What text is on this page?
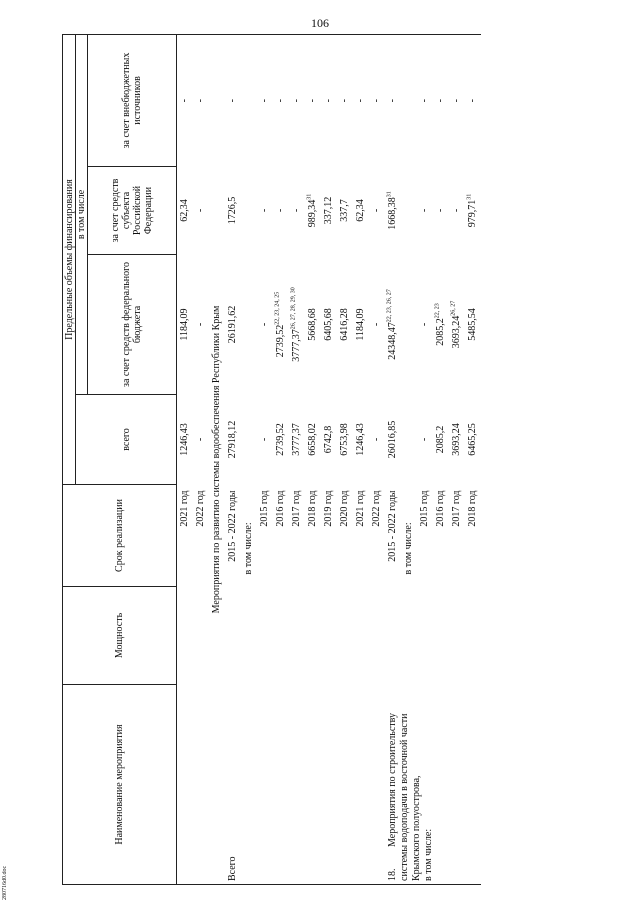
106
280716d0.doc
Наименование мероприятия	Мощность	Срок реализации	Предельные объемы финансирования			
			всего	в том числе		
				за счет средств федерального бюджета	за счет средств субъекта Российской Федерации	за счет внебюджетных источников
		2021 год	1246,43	1184,09	62,34	-
		2022 год	-	-	-	-
Мероприятия по развитию системы водообеспечения Республики Крым						
Всего		2015 - 2022 годы	27918,12	26191,62	1726,5	-
		в том числе:				
		2015 год	-	-	-	-
		2016 год	2739,52	2739,52$^{22, 23, 24, 25}$	-	-
		2017 год	3777,37	3777,37$^{26, 27, 28, 29, 30}$	-	-
		2018 год	6658,02	5668,68	989,34$^{31}$	-
		2019 год	6742,8	6405,68	337,12	-
		2020 год	6753,98	6416,28	337,7	-
		2021 год	1246,43	1184,09	62,34	-
		2022 год	-	-	-	-
18.Мероприятия по строительству системы водоподачи в восточной части Крымского полуострова,
в том числе:		2015 - 2022 годы	26016,85	24348,47$^{22, 23, 26, 27}$	1668,38$^{31}$	-
		в том числе:				
		2015 год	-	-	-	-
		2016 год	2085,2	2085,2$^{22, 23}$	-	-
		2017 год	3693,24	3693,24$^{26, 27}$	-	-
		2018 год	6465,25	5485,54	979,71$^{31}$	-
